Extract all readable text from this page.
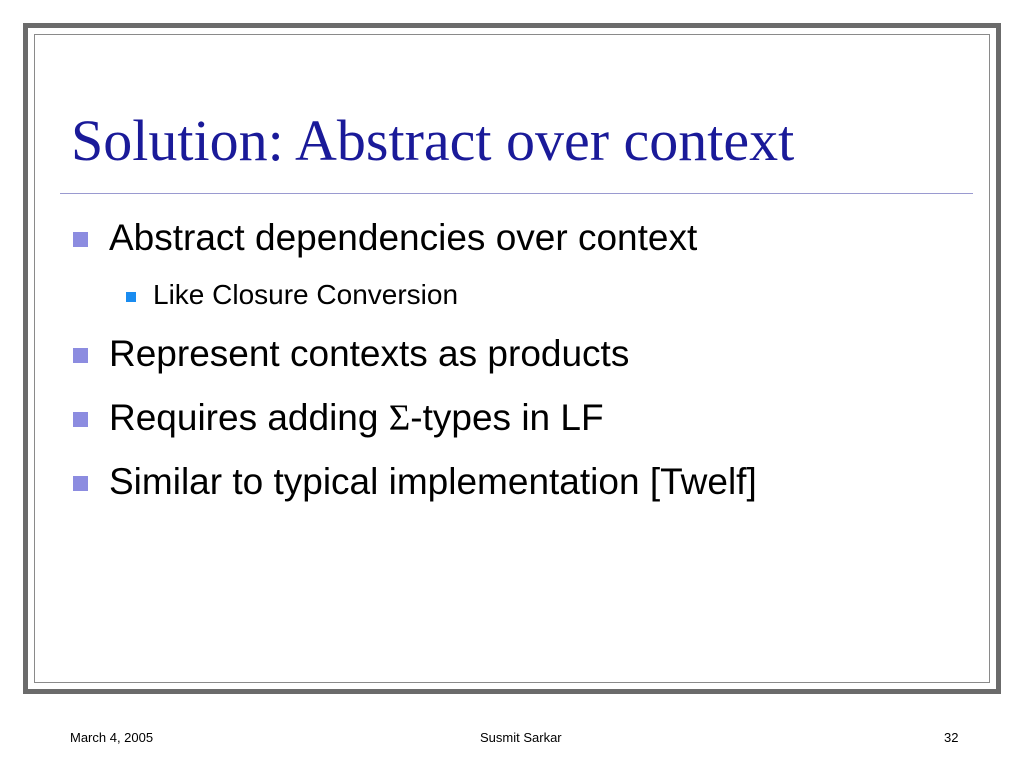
Solution: Abstract over context
Abstract dependencies over context
Like Closure Conversion
Represent contexts as products
Requires adding Σ-types in LF
Similar to typical implementation [Twelf]
March 4, 2005	Susmit Sarkar	32
